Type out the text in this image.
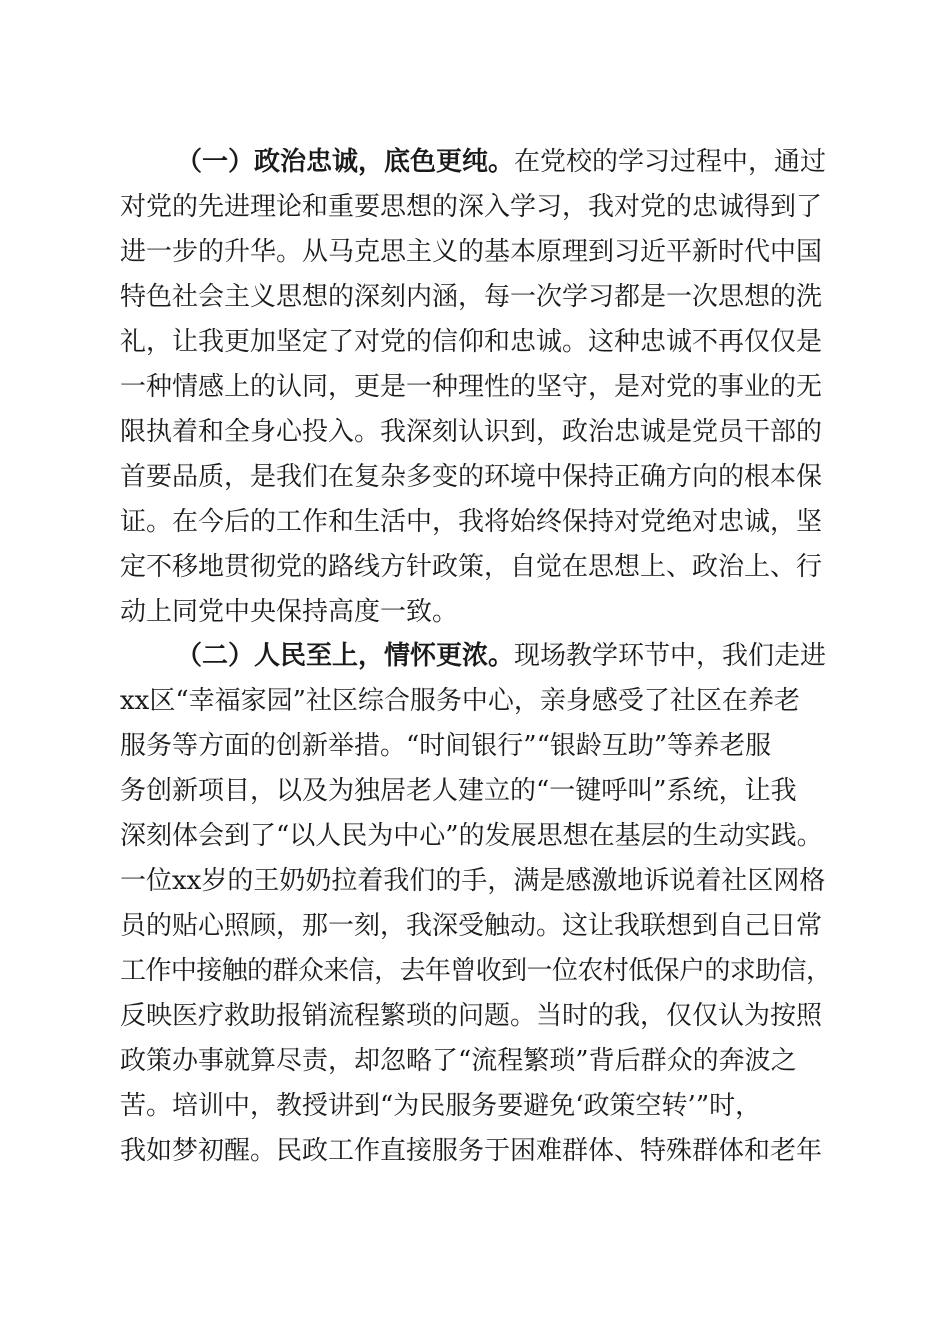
（一）政治忠诚，底色更纯。在党校的学习过程中，通过
对党的先进理论和重要思想的深入学习，我对党的忠诚得到了
进一步的升华。从马克思主义的基本原理到习近平新时代中国
特色社会主义思想的深刻内涵，每一次学习都是一次思想的洗
礼，让我更加坚定了对党的信仰和忠诚。这种忠诚不再仅仅是
一种情感上的认同，更是一种理性的坚守，是对党的事业的无
限执着和全身心投入。我深刻认识到，政治忠诚是党员干部的
首要品质，是我们在复杂多变的环境中保持正确方向的根本保
证。在今后的工作和生活中，我将始终保持对党绝对忠诚，坚
定不移地贯彻党的路线方针政策，自觉在思想上、政治上、行
动上同党中央保持高度一致。
（二）人民至上，情怀更浓。现场教学环节中，我们走进
xx区“幸福家园”社区综合服务中心，亲身感受了社区在养老
服务等方面的创新举措。“时间银行”“银龄互助”等养老服
务创新项目，以及为独居老人建立的“一键呼叫”系统，让我
深刻体会到了“以人民为中心”的发展思想在基层的生动实践。
一位xx岁的王奶奶拉着我们的手，满是感激地诉说着社区网格
员的贴心照顾，那一刻，我深受触动。这让我联想到自己日常
工作中接触的群众来信，去年曾收到一位农村低保户的求助信，
反映医疗救助报销流程繁琐的问题。当时的我，仅仅认为按照
政策办事就算尽责，却忽略了“流程繁琐”背后群众的奔波之
苦。培训中，教授讲到“为民服务要避免‘政策空转’”时，
我如梦初醒。民政工作直接服务于困难群体、特殊群体和老年
